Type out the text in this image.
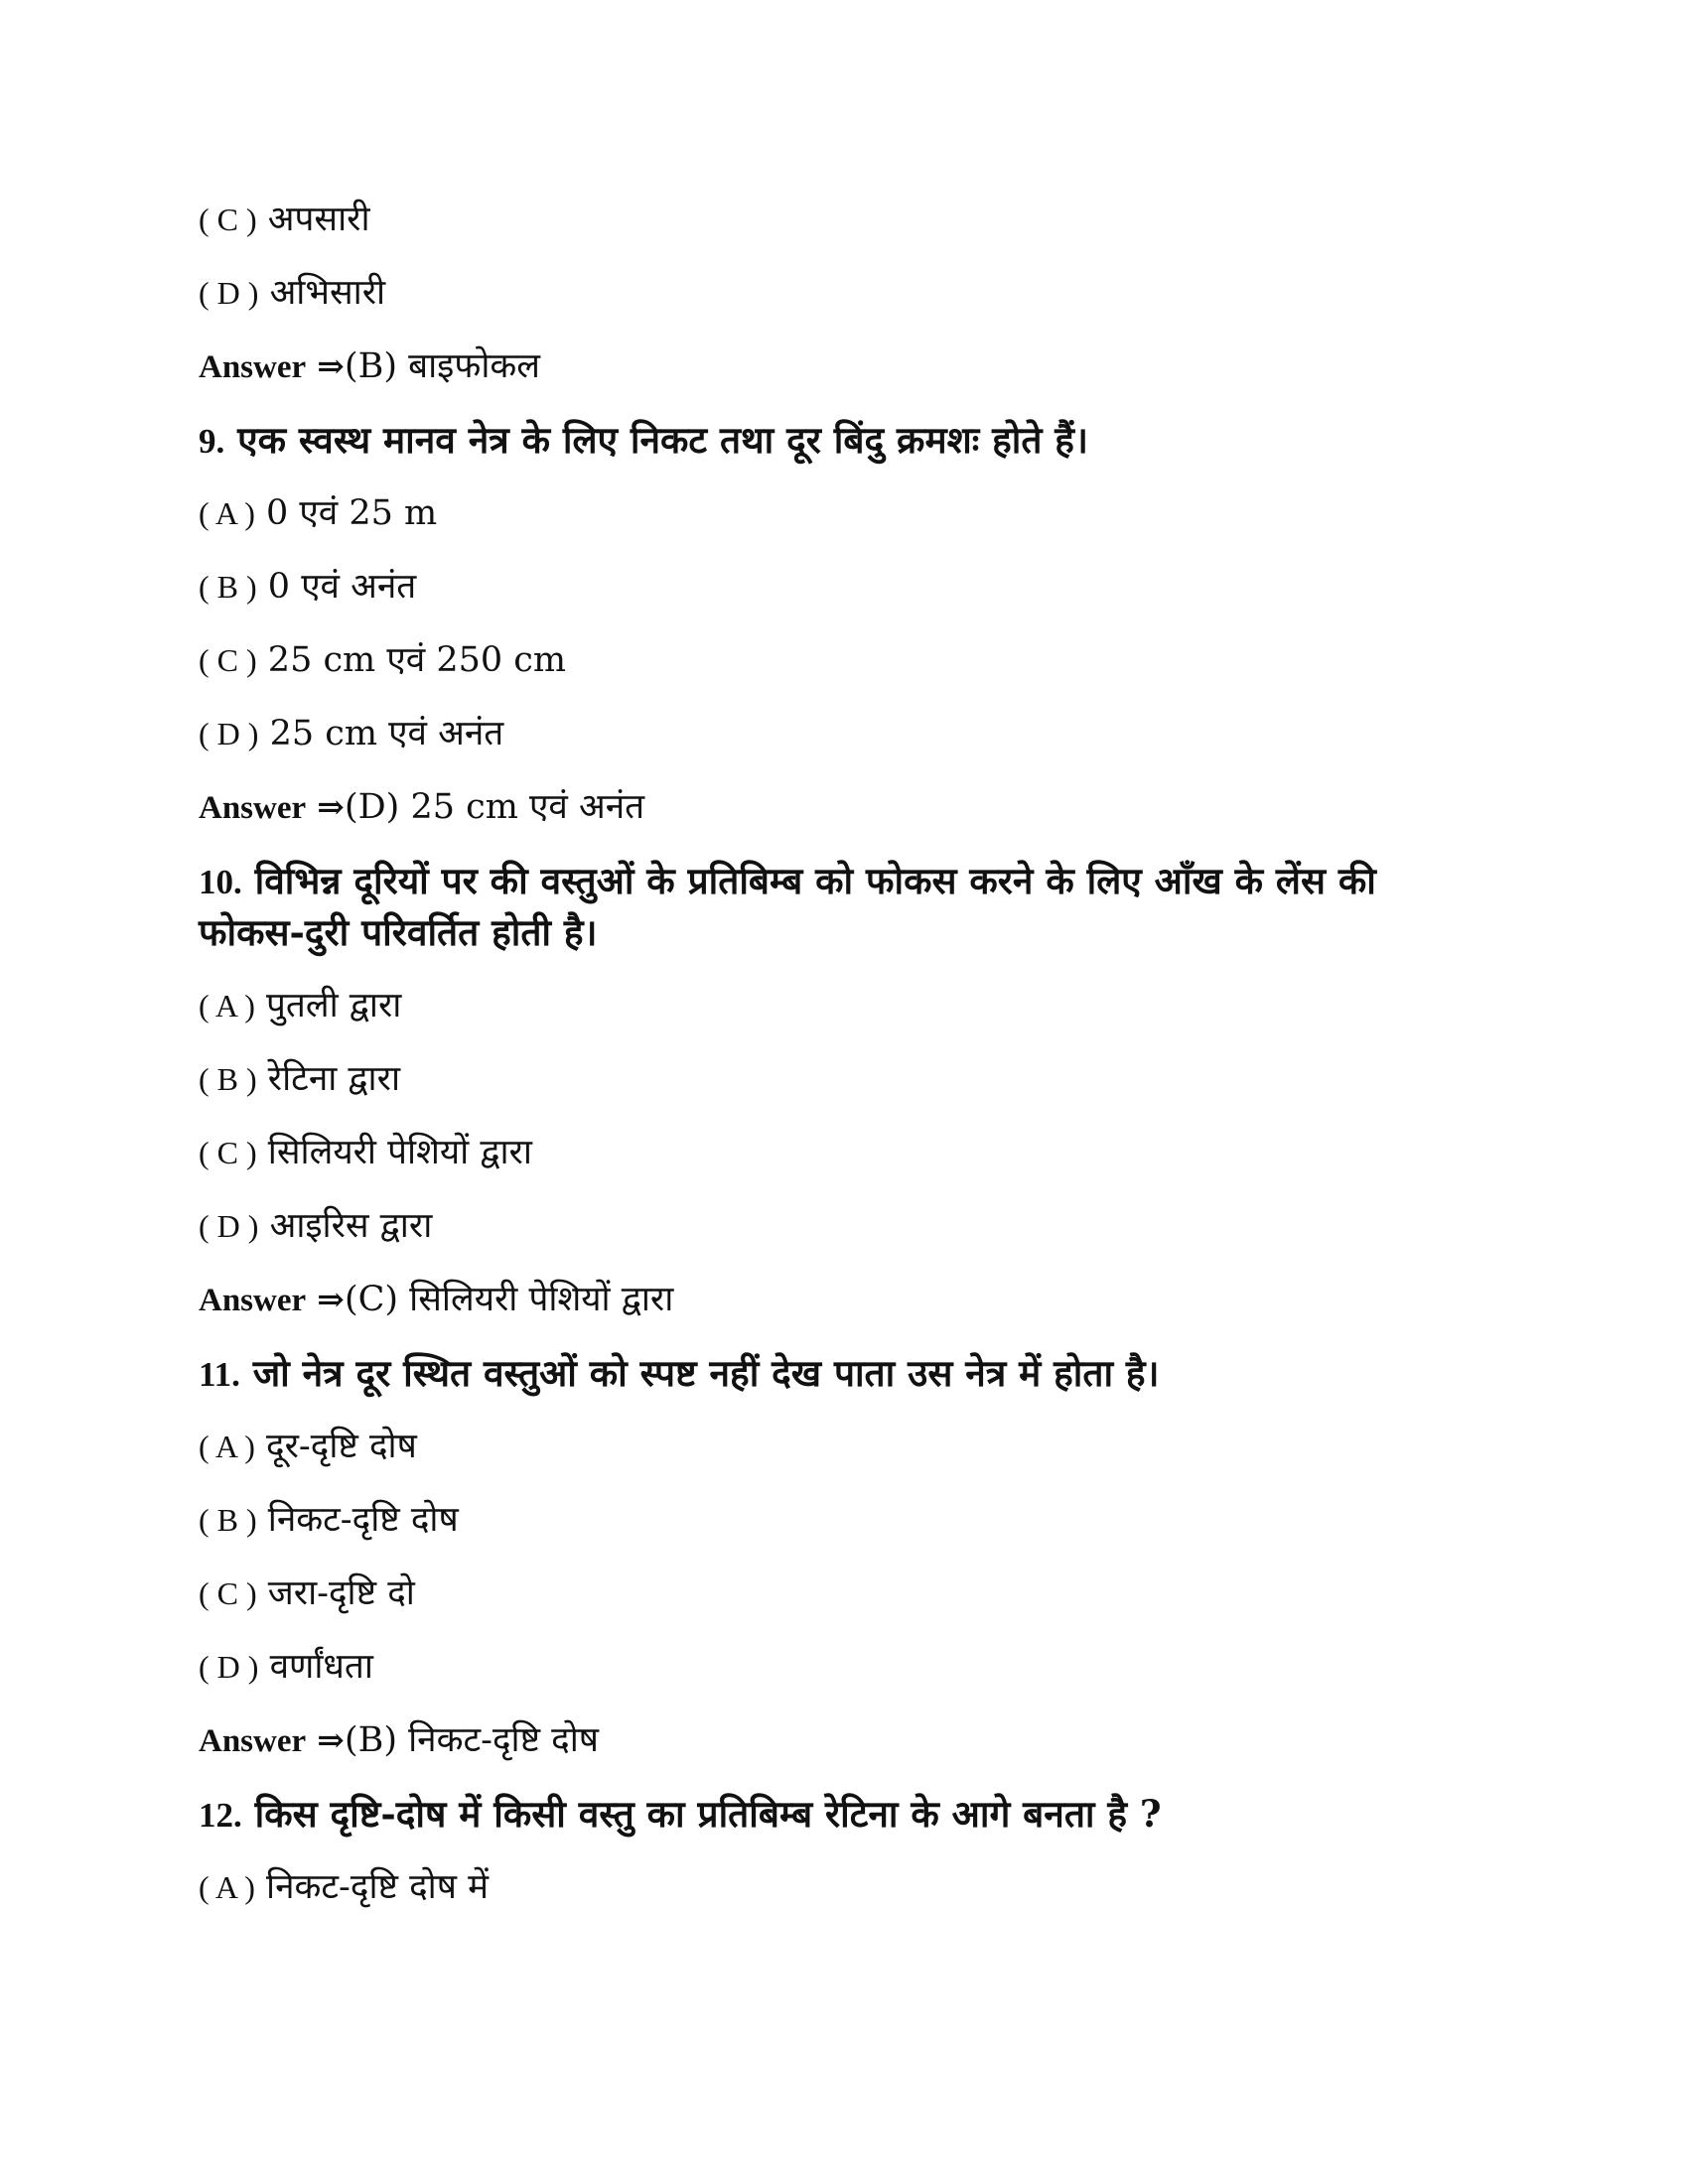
( C ) अपसारी
( D ) अभिसारी
Answer ⇒(B) बाइफोकल
9. एक स्वस्थ मानव नेत्र के लिए निकट तथा दूर बिंदु क्रमशः होते हैं।
( A ) 0 एवं 25 m
( B ) 0 एवं अनंत
( C ) 25 cm एवं 250 cm
( D ) 25 cm एवं अनंत
Answer ⇒(D) 25 cm एवं अनंत
10. विभिन्न दूरियों पर की वस्तुओं के प्रतिबिम्ब को फोकस करने के लिए आँख के लेंस की फोकस-दुरी परिवर्तित होती है।
( A ) पुतली द्वारा
( B ) रेटिना द्वारा
( C ) सिलियरी पेशियों द्वारा
( D ) आइरिस द्वारा
Answer ⇒(C) सिलियरी पेशियों द्वारा
11. जो नेत्र दूर स्थित वस्तुओं को स्पष्ट नहीं देख पाता उस नेत्र में होता है।
( A ) दूर-दृष्टि दोष
( B ) निकट-दृष्टि दोष
( C ) जरा-दृष्टि दो
( D ) वर्णांधता
Answer ⇒(B) निकट-दृष्टि दोष
12. किस दृष्टि-दोष में किसी वस्तु का प्रतिबिम्ब रेटिना के आगे बनता है ?
( A ) निकट-दृष्टि दोष में
